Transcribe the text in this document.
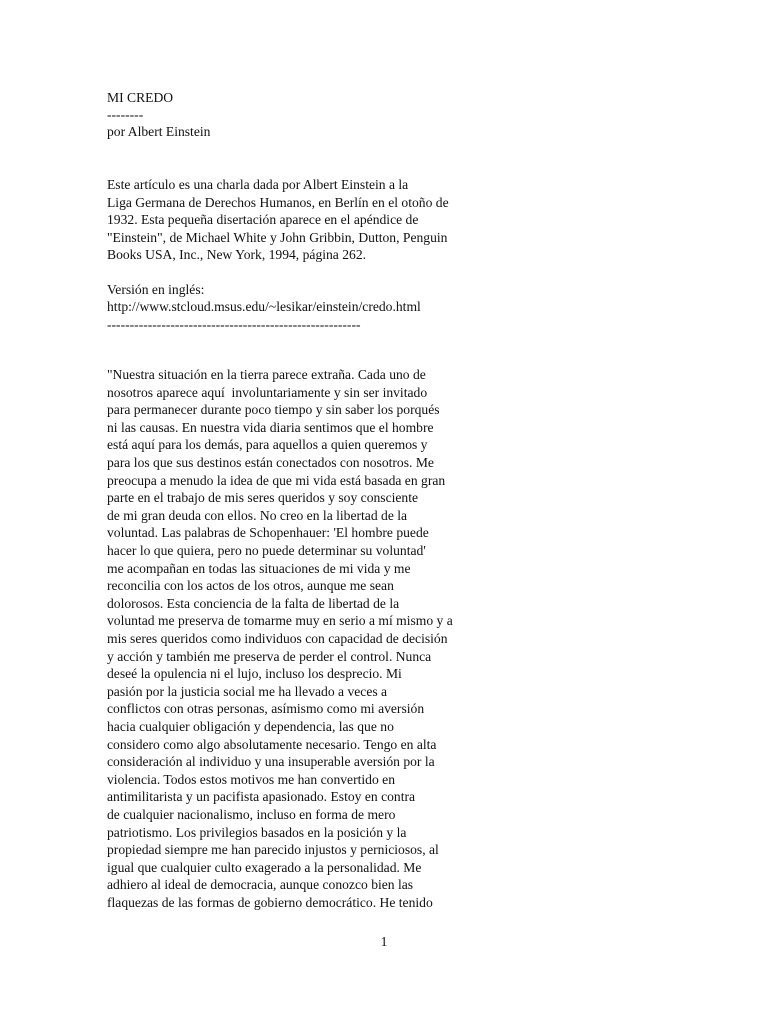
MI CREDO
--------
por Albert Einstein
Este artículo es una charla dada por Albert Einstein a la
Liga Germana de Derechos Humanos, en Berlín en el otoño de
1932. Esta pequeña disertación aparece en el apéndice de
"Einstein", de Michael White y John Gribbin, Dutton, Penguin
Books USA, Inc., New York, 1994, página 262.
Versión en inglés:
http://www.stcloud.msus.edu/~lesikar/einstein/credo.html
--------------------------------------------------------
"Nuestra situación en la tierra parece extraña. Cada uno de
nosotros aparece aquí  involuntariamente y sin ser invitado
para permanecer durante poco tiempo y sin saber los porqués
ni las causas. En nuestra vida diaria sentimos que el hombre
está aquí para los demás, para aquellos a quien queremos y
para los que sus destinos están conectados con nosotros. Me
preocupa a menudo la idea de que mi vida está basada en gran
parte en el trabajo de mis seres queridos y soy consciente
de mi gran deuda con ellos. No creo en la libertad de la
voluntad. Las palabras de Schopenhauer: 'El hombre puede
hacer lo que quiera, pero no puede determinar su voluntad'
me acompañan en todas las situaciones de mi vida y me
reconcilia con los actos de los otros, aunque me sean
dolorosos. Esta conciencia de la falta de libertad de la
voluntad me preserva de tomarme muy en serio a mí mismo y a
mis seres queridos como individuos con capacidad de decisión
y acción y también me preserva de perder el control. Nunca
deseé la opulencia ni el lujo, incluso los desprecio. Mi
pasión por la justicia social me ha llevado a veces a
conflictos con otras personas, asímismo como mi aversión
hacia cualquier obligación y dependencia, las que no
considero como algo absolutamente necesario. Tengo en alta
consideración al individuo y una insuperable aversión por la
violencia. Todos estos motivos me han convertido en
antimilitarista y un pacifista apasionado. Estoy en contra
de cualquier nacionalismo, incluso en forma de mero
patriotismo. Los privilegios basados en la posición y la
propiedad siempre me han parecido injustos y perniciosos, al
igual que cualquier culto exagerado a la personalidad. Me
adhiero al ideal de democracia, aunque conozco bien las
flaquezas de las formas de gobierno democrático. He tenido
1
